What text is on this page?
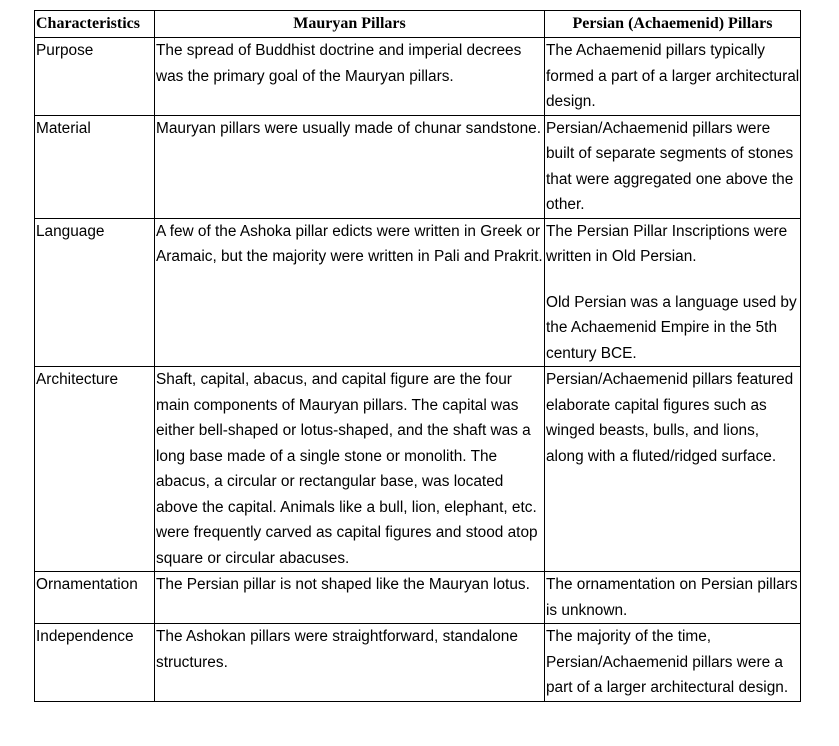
Characteristics	Mauryan Pillars	Persian (Achaemenid) Pillars
Purpose	The spread of Buddhist doctrine and imperial decrees was the primary goal of the Mauryan pillars.	The Achaemenid pillars typically formed a part of a larger architectural design.

Material	Mauryan pillars were usually made of chunar sandstone.	Persian/Achaemenid pillars were built of separate segments of stones that were aggregated one above the other.

Language	A few of the Ashoka pillar edicts were written in Greek or Aramaic, but the majority were written in Pali and Prakrit.	The Persian Pillar Inscriptions were written in Old Persian.
Old Persian was a language used by the Achaemenid Empire in the 5th century BCE.

Architecture	Shaft, capital, abacus, and capital figure are the four main components of Mauryan pillars. The capital was either bell-shaped or lotus-shaped, and the shaft was a long base made of a single stone or monolith. The abacus, a circular or rectangular base, was located above the capital. Animals like a bull, lion, elephant, etc. were frequently carved as capital figures and stood atop square or circular abacuses.	Persian/Achaemenid pillars featured elaborate capital figures such as winged beasts, bulls, and lions, along with a fluted/ridged surface.

Ornamentation	The Persian pillar is not shaped like the Mauryan lotus.	The ornamentation on Persian pillars is unknown.

Independence	The Ashokan pillars were straightforward, standalone structures.	The majority of the time, Persian/Achaemenid pillars were a part of a larger architectural design.
